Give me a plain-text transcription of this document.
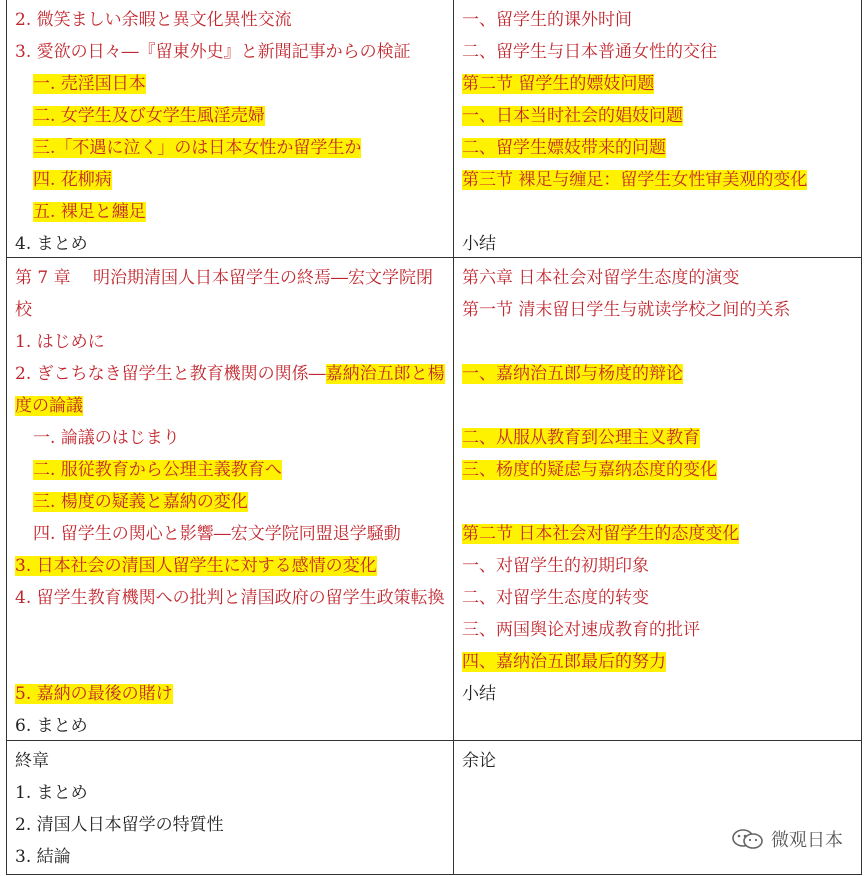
2. 微笑ましい余暇と異文化異性交流
3. 愛欲の日々―『留東外史』と新聞記事からの検証
一. 売淫国日本
二. 女学生及び女学生風淫売婦
三.「不遇に泣く」のは日本女性か留学生か
四. 花柳病
五. 裸足と纏足
4. まとめ
一、留学生的课外时间
二、留学生与日本普通女性的交往
第二节 留学生的嫖妓问题
一、日本当时社会的娼妓问题
二、留学生嫖妓带来的问题
第三节 裸足与缠足：留学生女性审美观的变化
小结
第 7 章　 明治期清国人日本留学生の終焉―宏文学院閉校
1. はじめに
2. ぎこちなき留学生と教育機関の関係―嘉納治五郎と楊度の論議
一. 論議のはじまり
二. 服従教育から公理主義教育へ
三. 楊度の疑義と嘉納の変化
四. 留学生の関心と影響―宏文学院同盟退学騒動
3. 日本社会の清国人留学生に対する感情の変化
4. 留学生教育機関への批判と清国政府の留学生政策転換
5. 嘉納の最後の賭け
6. まとめ
第六章 日本社会对留学生态度的演变
第一节 清末留日学生与就读学校之间的关系
一、嘉纳治五郎与杨度的辩论
二、从服从教育到公理主义教育
三、杨度的疑虑与嘉纳态度的变化
第二节 日本社会对留学生的态度变化
一、对留学生的初期印象
二、对留学生态度的转变
三、两国舆论对速成教育的批评
四、嘉纳治五郎最后的努力
小结
終章
1. まとめ
2. 清国人日本留学の特質性
3. 結論
余论
微观日本
